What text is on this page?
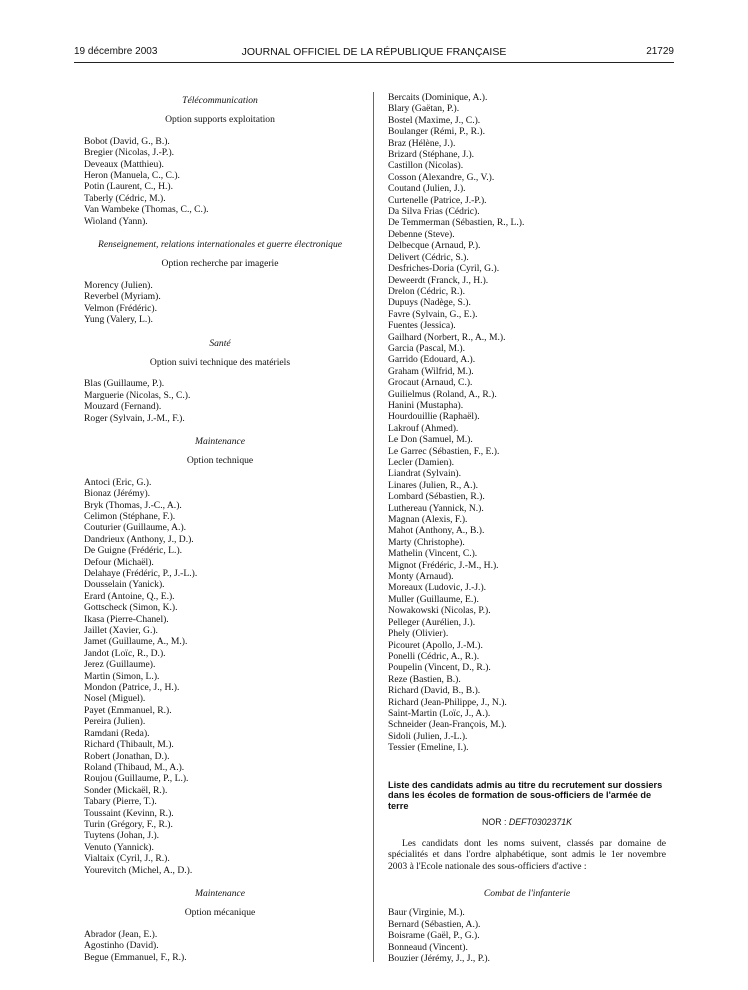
19 décembre 2003	JOURNAL OFFICIEL DE LA RÉPUBLIQUE FRANÇAISE	21729
Télécommunication
Option supports exploitation
Bobot (David, G., B.).
Bregier (Nicolas, J.-P.).
Deveaux (Matthieu).
Heron (Manuela, C., C.).
Potin (Laurent, C., H.).
Taberly (Cédric, M.).
Van Wambeke (Thomas, C., C.).
Wioland (Yann).
Renseignement, relations internationales et guerre électronique
Option recherche par imagerie
Morency (Julien).
Reverbel (Myriam).
Velmon (Frédéric).
Yung (Valery, L.).
Santé
Option suivi technique des matériels
Blas (Guillaume, P.).
Marguerie (Nicolas, S., C.).
Mouzard (Fernand).
Roger (Sylvain, J.-M., F.).
Maintenance
Option technique
Antoci (Eric, G.).
Bionaz (Jérémy).
Bryk (Thomas, J.-C., A.).
Celimon (Stéphane, F.).
Couturier (Guillaume, A.).
Dandrieux (Anthony, J., D.).
De Guigne (Frédéric, L.).
Defour (Michaël).
Delahaye (Frédéric, P., J.-L.).
Dousselain (Yanick).
Erard (Antoine, Q., E.).
Gottscheck (Simon, K.).
Ikasa (Pierre-Chanel).
Jaillet (Xavier, G.).
Jamet (Guillaume, A., M.).
Jandot (Loïc, R., D.).
Jerez (Guillaume).
Martin (Simon, L.).
Mondon (Patrice, J., H.).
Nosel (Miguel).
Payet (Emmanuel, R.).
Pereira (Julien).
Ramdani (Reda).
Richard (Thibault, M.).
Robert (Jonathan, D.).
Roland (Thibaud, M., A.).
Roujou (Guillaume, P., L.).
Sonder (Mickaël, R.).
Tabary (Pierre, T.).
Toussaint (Kevinn, R.).
Turin (Grégory, F., R.).
Tuytens (Johan, J.).
Venuto (Yannick).
Vialtaix (Cyril, J., R.).
Yourevitch (Michel, A., D.).
Maintenance
Option mécanique
Abrador (Jean, E.).
Agostinho (David).
Begue (Emmanuel, F., R.).
Bercaits (Dominique, A.).
Blary (Gaëtan, P.).
Bostel (Maxime, J., C.).
Boulanger (Rémi, P., R.).
Braz (Hélène, J.).
Brizard (Stéphane, J.).
Castillon (Nicolas).
Cosson (Alexandre, G., V.).
Coutand (Julien, J.).
Curtenelle (Patrice, J.-P.).
Da Silva Frias (Cédric).
De Temmerman (Sébastien, R., L.).
Debenne (Steve).
Delbecque (Arnaud, P.).
Delivert (Cédric, S.).
Desfriches-Doria (Cyril, G.).
Deweerdt (Franck, J., H.).
Drelon (Cédric, R.).
Dupuys (Nadège, S.).
Favre (Sylvain, G., E.).
Fuentes (Jessica).
Gailhard (Norbert, R., A., M.).
Garcia (Pascal, M.).
Garrido (Edouard, A.).
Graham (Wilfrid, M.).
Grocaut (Arnaud, C.).
Guilielmus (Roland, A., R.).
Hanini (Mustapha).
Hourdouillie (Raphaël).
Lakrouf (Ahmed).
Le Don (Samuel, M.).
Le Garrec (Sébastien, F., E.).
Lecler (Damien).
Liandrat (Sylvain).
Linares (Julien, R., A.).
Lombard (Sébastien, R.).
Luthereau (Yannick, N.).
Magnan (Alexis, F.).
Mahot (Anthony, A., B.).
Marty (Christophe).
Mathelin (Vincent, C.).
Mignot (Frédéric, J.-M., H.).
Monty (Arnaud).
Moreaux (Ludovic, J.-J.).
Muller (Guillaume, E.).
Nowakowski (Nicolas, P.).
Pelleger (Aurélien, J.).
Phely (Olivier).
Picouret (Apollo, J.-M.).
Ponelli (Cédric, A., R.).
Poupelin (Vincent, D., R.).
Reze (Bastien, B.).
Richard (David, B., B.).
Richard (Jean-Philippe, J., N.).
Saint-Martin (Loïc, J., A.).
Schneider (Jean-François, M.).
Sidoli (Julien, J.-L.).
Tessier (Emeline, I.).
Liste des candidats admis au titre du recrutement sur dossiers dans les écoles de formation de sous-officiers de l'armée de terre
NOR : DEFT0302371K
Les candidats dont les noms suivent, classés par domaine de spécialités et dans l'ordre alphabétique, sont admis le 1er novembre 2003 à l'Ecole nationale des sous-officiers d'active :
Combat de l'infanterie
Baur (Virginie, M.).
Bernard (Sébastien, A.).
Boisrame (Gaël, P., G.).
Bonneaud (Vincent).
Bouzier (Jérémy, J., J., P.).
